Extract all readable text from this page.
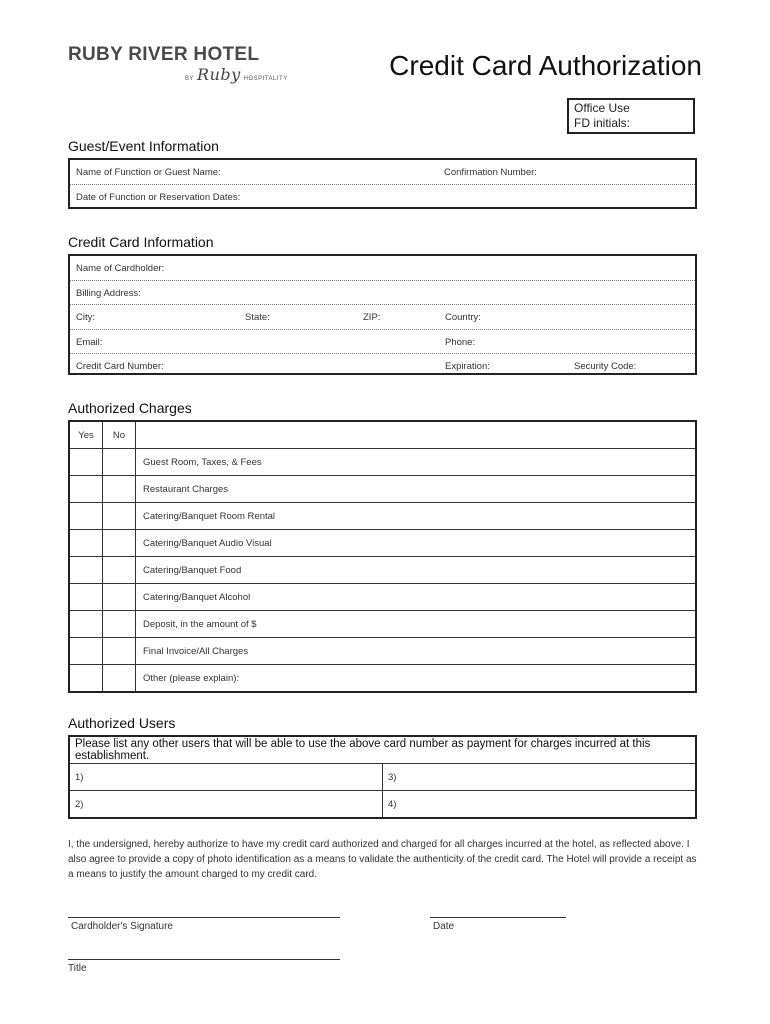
RUBY RIVER HOTEL
BY Ruby HOSPITALITY	Credit Card Authorization
Office Use
FD initials:
Guest/Event Information
Name of Function or Guest Name:	Confirmation Number:
Date of Function or Reservation Dates:
Credit Card Information
Name of Cardholder:
Billing Address:
City:	State:	ZIP:	Country:
Email:	Phone:
Credit Card Number:	Expiration:	Security Code:
Authorized Charges
Yes	No	
		Guest Room, Taxes, & Fees
		Restaurant Charges
		Catering/Banquet Room Rental
		Catering/Banquet Audio Visual
		Catering/Banquet Food
		Catering/Banquet Alcohol
		Deposit, in the amount of $
		Final Invoice/All Charges
		Other (please explain):
Authorized Users
Please list any other users that will be able to use the above card number as payment for charges incurred at this establishment.	
1)	3)
2)	4)
I, the undersigned, hereby authorize to have my credit card authorized and charged for all charges incurred at the hotel, as reflected above. I also agree to provide a copy of photo identification as a means to validate the authenticity of the credit card. The Hotel will provide a receipt as a means to justify the amount charged to my credit card.
Cardholder's Signature	Date
Title
